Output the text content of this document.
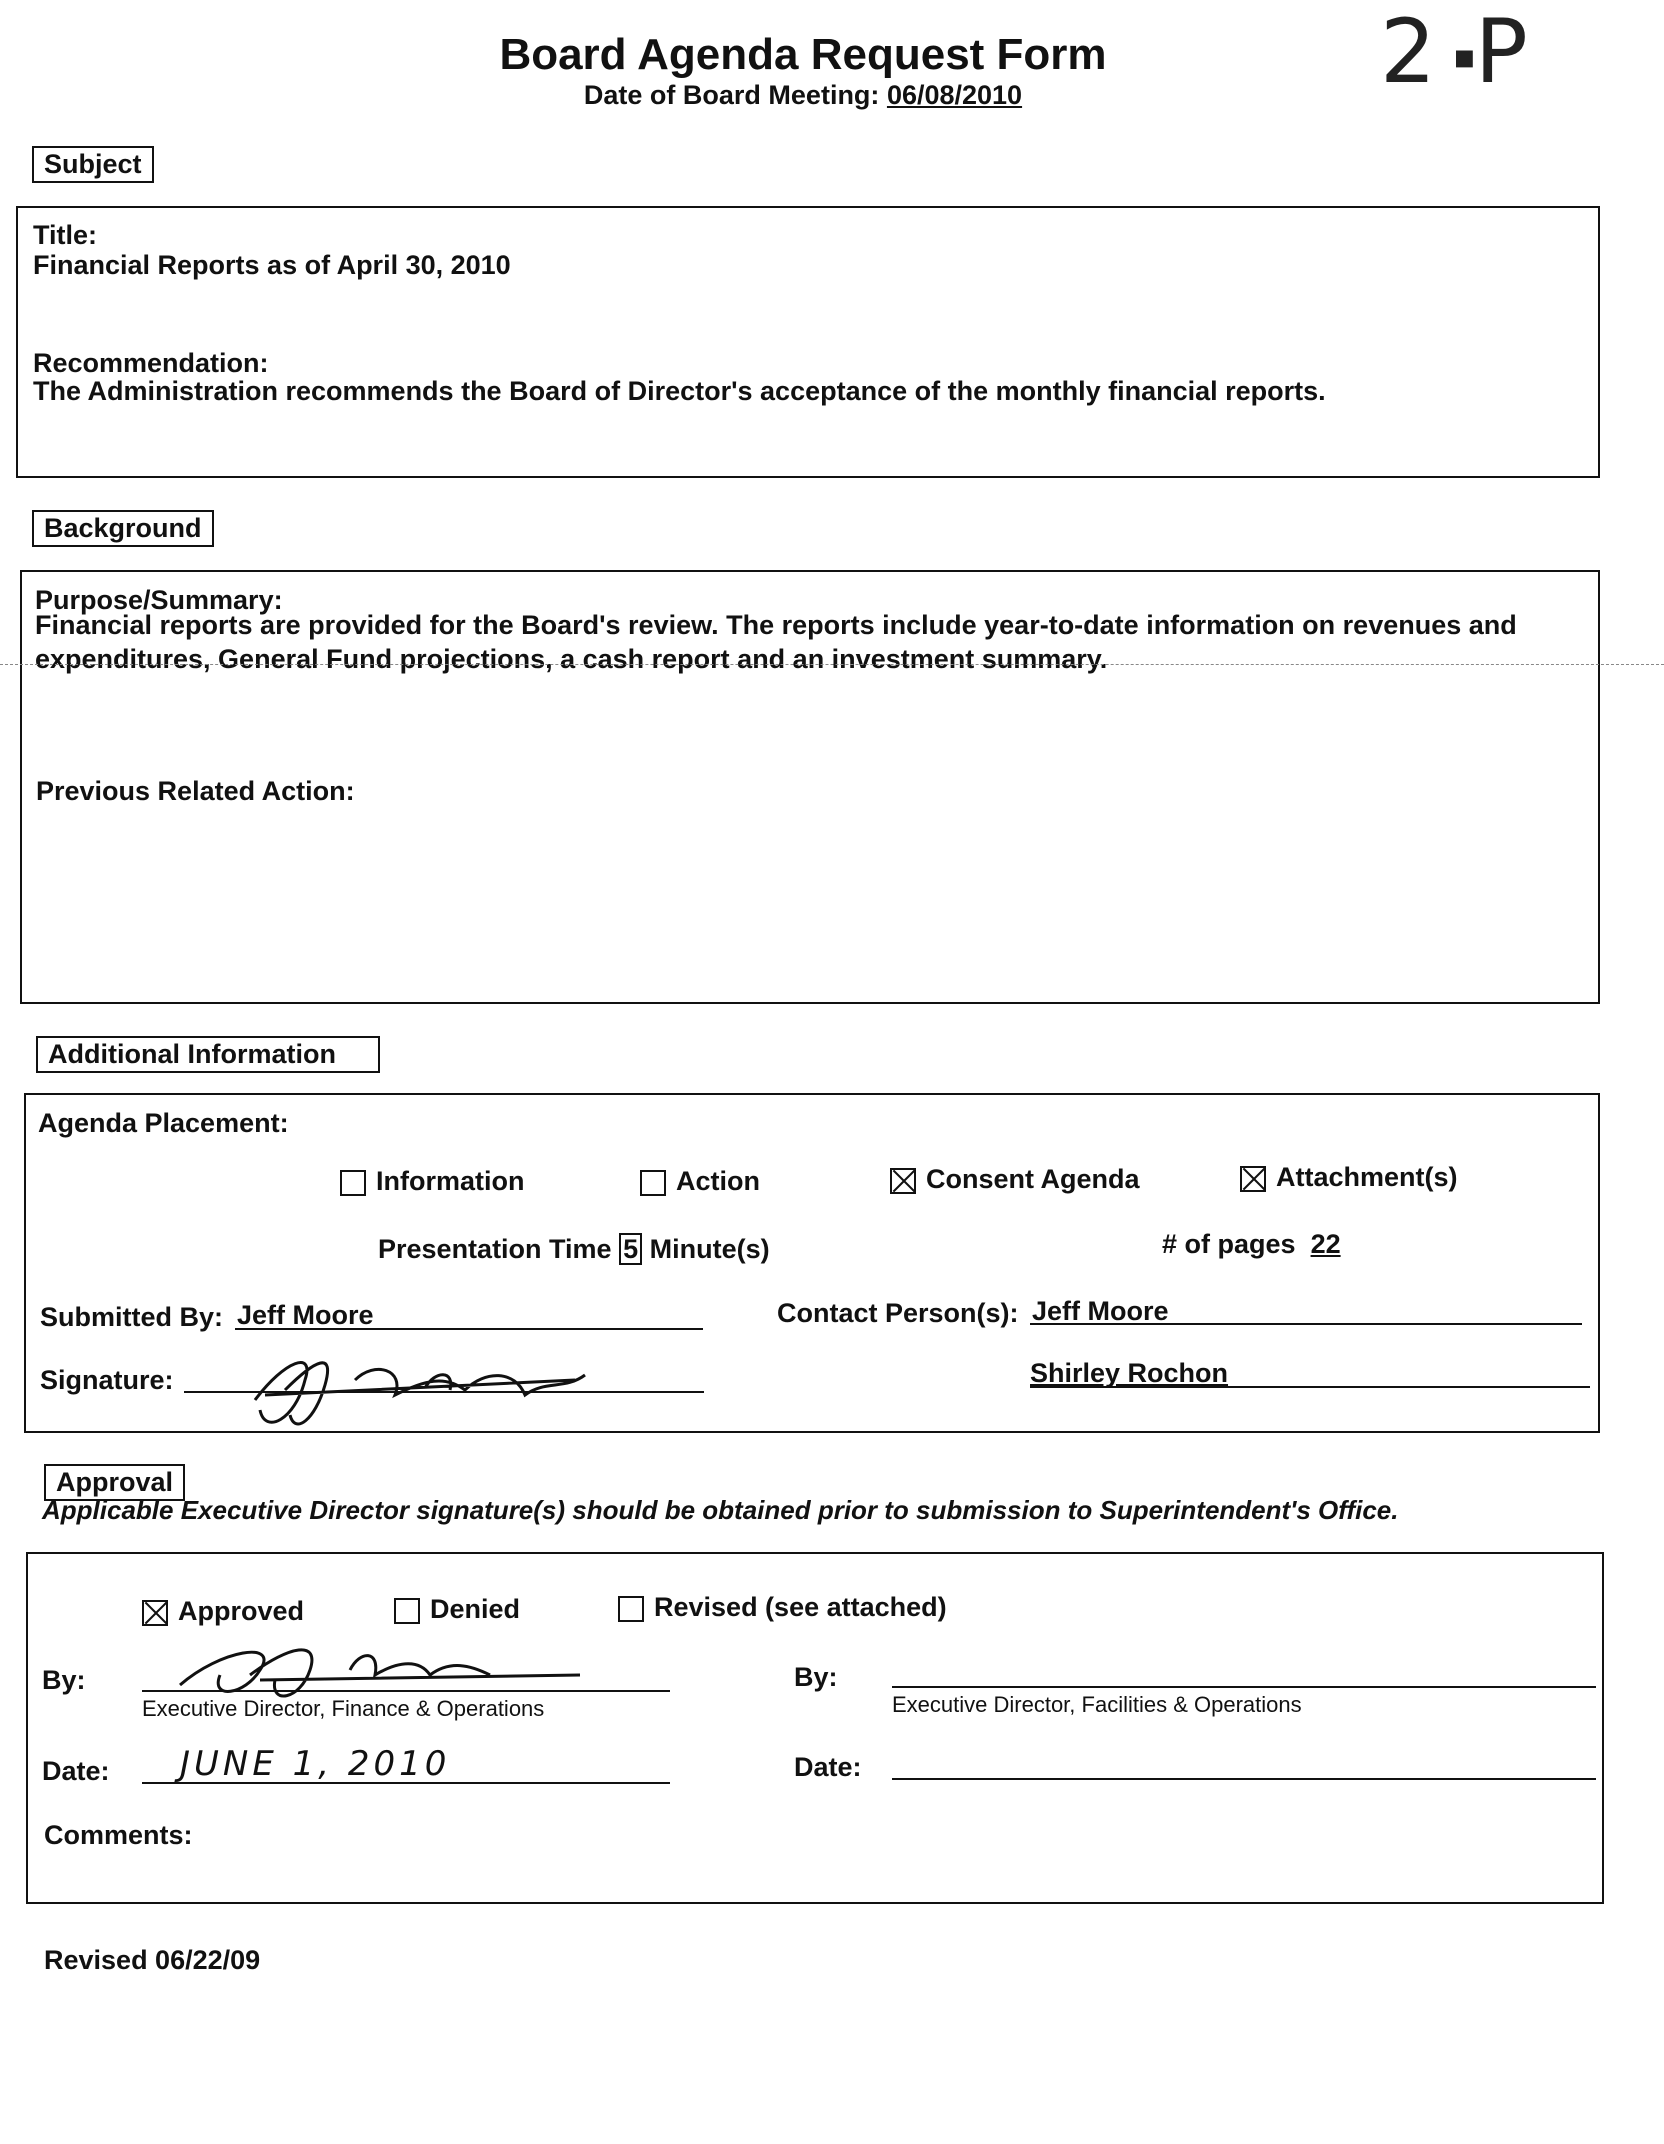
Board Agenda Request Form
Date of Board Meeting: 06/08/2010	2■P
Subject
Title:
Financial Reports as of April 30, 2010
Recommendation:
The Administration recommends the Board of Director's acceptance of the monthly financial reports.
Background
Purpose/Summary:
Financial reports are provided for the Board's review. The reports include year-to-date information on revenues and
expenditures, General Fund projections, a cash report and an investment summary.
Previous Related Action:
Additional Information
Agenda Placement:
Information	Action	Consent Agenda	Attachment(s)
Presentation Time 5 Minute(s)	# of pages 22
Submitted By: Jeff Moore	Contact Person(s): Jeff Moore
Shirley Rochon
Signature:
Approval
Applicable Executive Director signature(s) should be obtained prior to submission to Superintendent's Office.
Approved	Denied	Revised (see attached)
By:
Executive Director, Finance & Operations
By:
Executive Director, Facilities & Operations
Date: JUNE 1, 2010	Date:
Comments:
Revised 06/22/09
